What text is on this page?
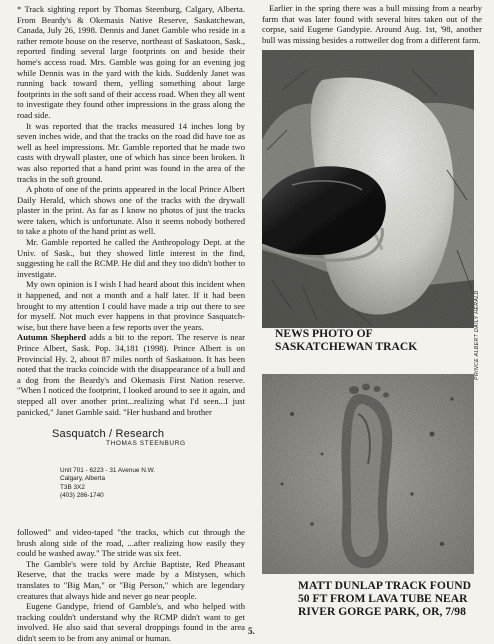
* Track sighting report by Thomas Steenburg, Calgary, Alberta. From Beardy's & Okemasis Native Reserve, Saskatchewan, Canada, July 26, 1998. Dennis and Janet Gamble who reside in a rather remote house on the reserve, northeast of Saskatoon, Sask., reported finding several large footprints on and beside their home's access road. Mrs. Gamble was going for an evening jog while Dennis was in the yard with the kids. Suddenly Janet was running back toward them, yelling something about large footprints in the soft sand of their access road. When they all went to investigate they found other impressions in the grass along the road side.

It was reported that the tracks measured 14 inches long by seven inches wide, and that the tracks on the road did have toe as well as heel impressions. Mr. Gamble reported that he made two casts with drywall plaster, one of which has since been broken. It was also reported that a hand print was found in the area of the tracks in the soft ground.

A photo of one of the prints appeared in the local Prince Albert Daily Herald, which shows one of the tracks with the drywall plaster in the print. As far as I know no photos of just the tracks were taken, which is unfortunate. Also it seems nobody bothered to take a photo of the hand print as well.

Mr. Gamble reported he called the Anthropology Dept. at the Univ. of Sask., but they showed little interest in the find, suggesting he call the RCMP. He did and they too didn't bother to investigate.

My own opinion is I wish I had heard about this incident when it happened, and not a month and a half later. If it had been brought to my attention I could have made a trip out there to see for myself. Not much ever happens in that province Sasquatch-wise, but there have been a few reports over the years.

Autumn Shepherd adds a bit to the report. The reserve is near Prince Albert, Sask. Pop. 34,181 (1998). Prince Albert is on Provincial Hy. 2, about 87 miles north of Saskatoon. It has been noted that the tracks coincide with the disappearance of a bull and a dog from the Beardy's and Okemasis First Nation reserve. "When I noticed the footprint, I looked around to see it again, and stepped all over another print...realizing what I'd seen...I just panicked," Janet Gamble said. "Her husband and brother

Sasquatch / Research
THOMAS STEENBURG
Unit 701 - 6223 - 31 Avenue N.W.
Calgary, Alberta
T3B 3X2
(403) 286-1740

followed" and video-taped "the tracks, which cut through the brush along side of the road, ...after realizing how easily they could be washed away." The stride was six feet.

The Gamble's were told by Archie Baptiste, Red Pheasant Reserve, that the tracks were made by a Mistysen, which translates to "Big Man," or "Big Person," which are legendary creatures that always hide and never go near people.

Eugene Gandype, friend of Gamble's, and who helped with tracking couldn't understand why the RCMP didn't want to get involved. He also said that several droppings found in the area didn't seem to be from any animal or human.

Earlier in the spring there was a bull missing from a nearby farm that was later found with several bites taken out of the corpse, said Eugene Gandypie. Around Aug. 1st, '98, another bull was missing besides a rottweiler dog from a different farm.

PRINCE ALBERT DAILY HERALD
NEWS PHOTO OF
SASKATCHEWAN TRACK
MATT DUNLAP TRACK FOUND
50 FT FROM LAVA TUBE NEAR
RIVER GORGE PARK, OR, 7/98
5.
